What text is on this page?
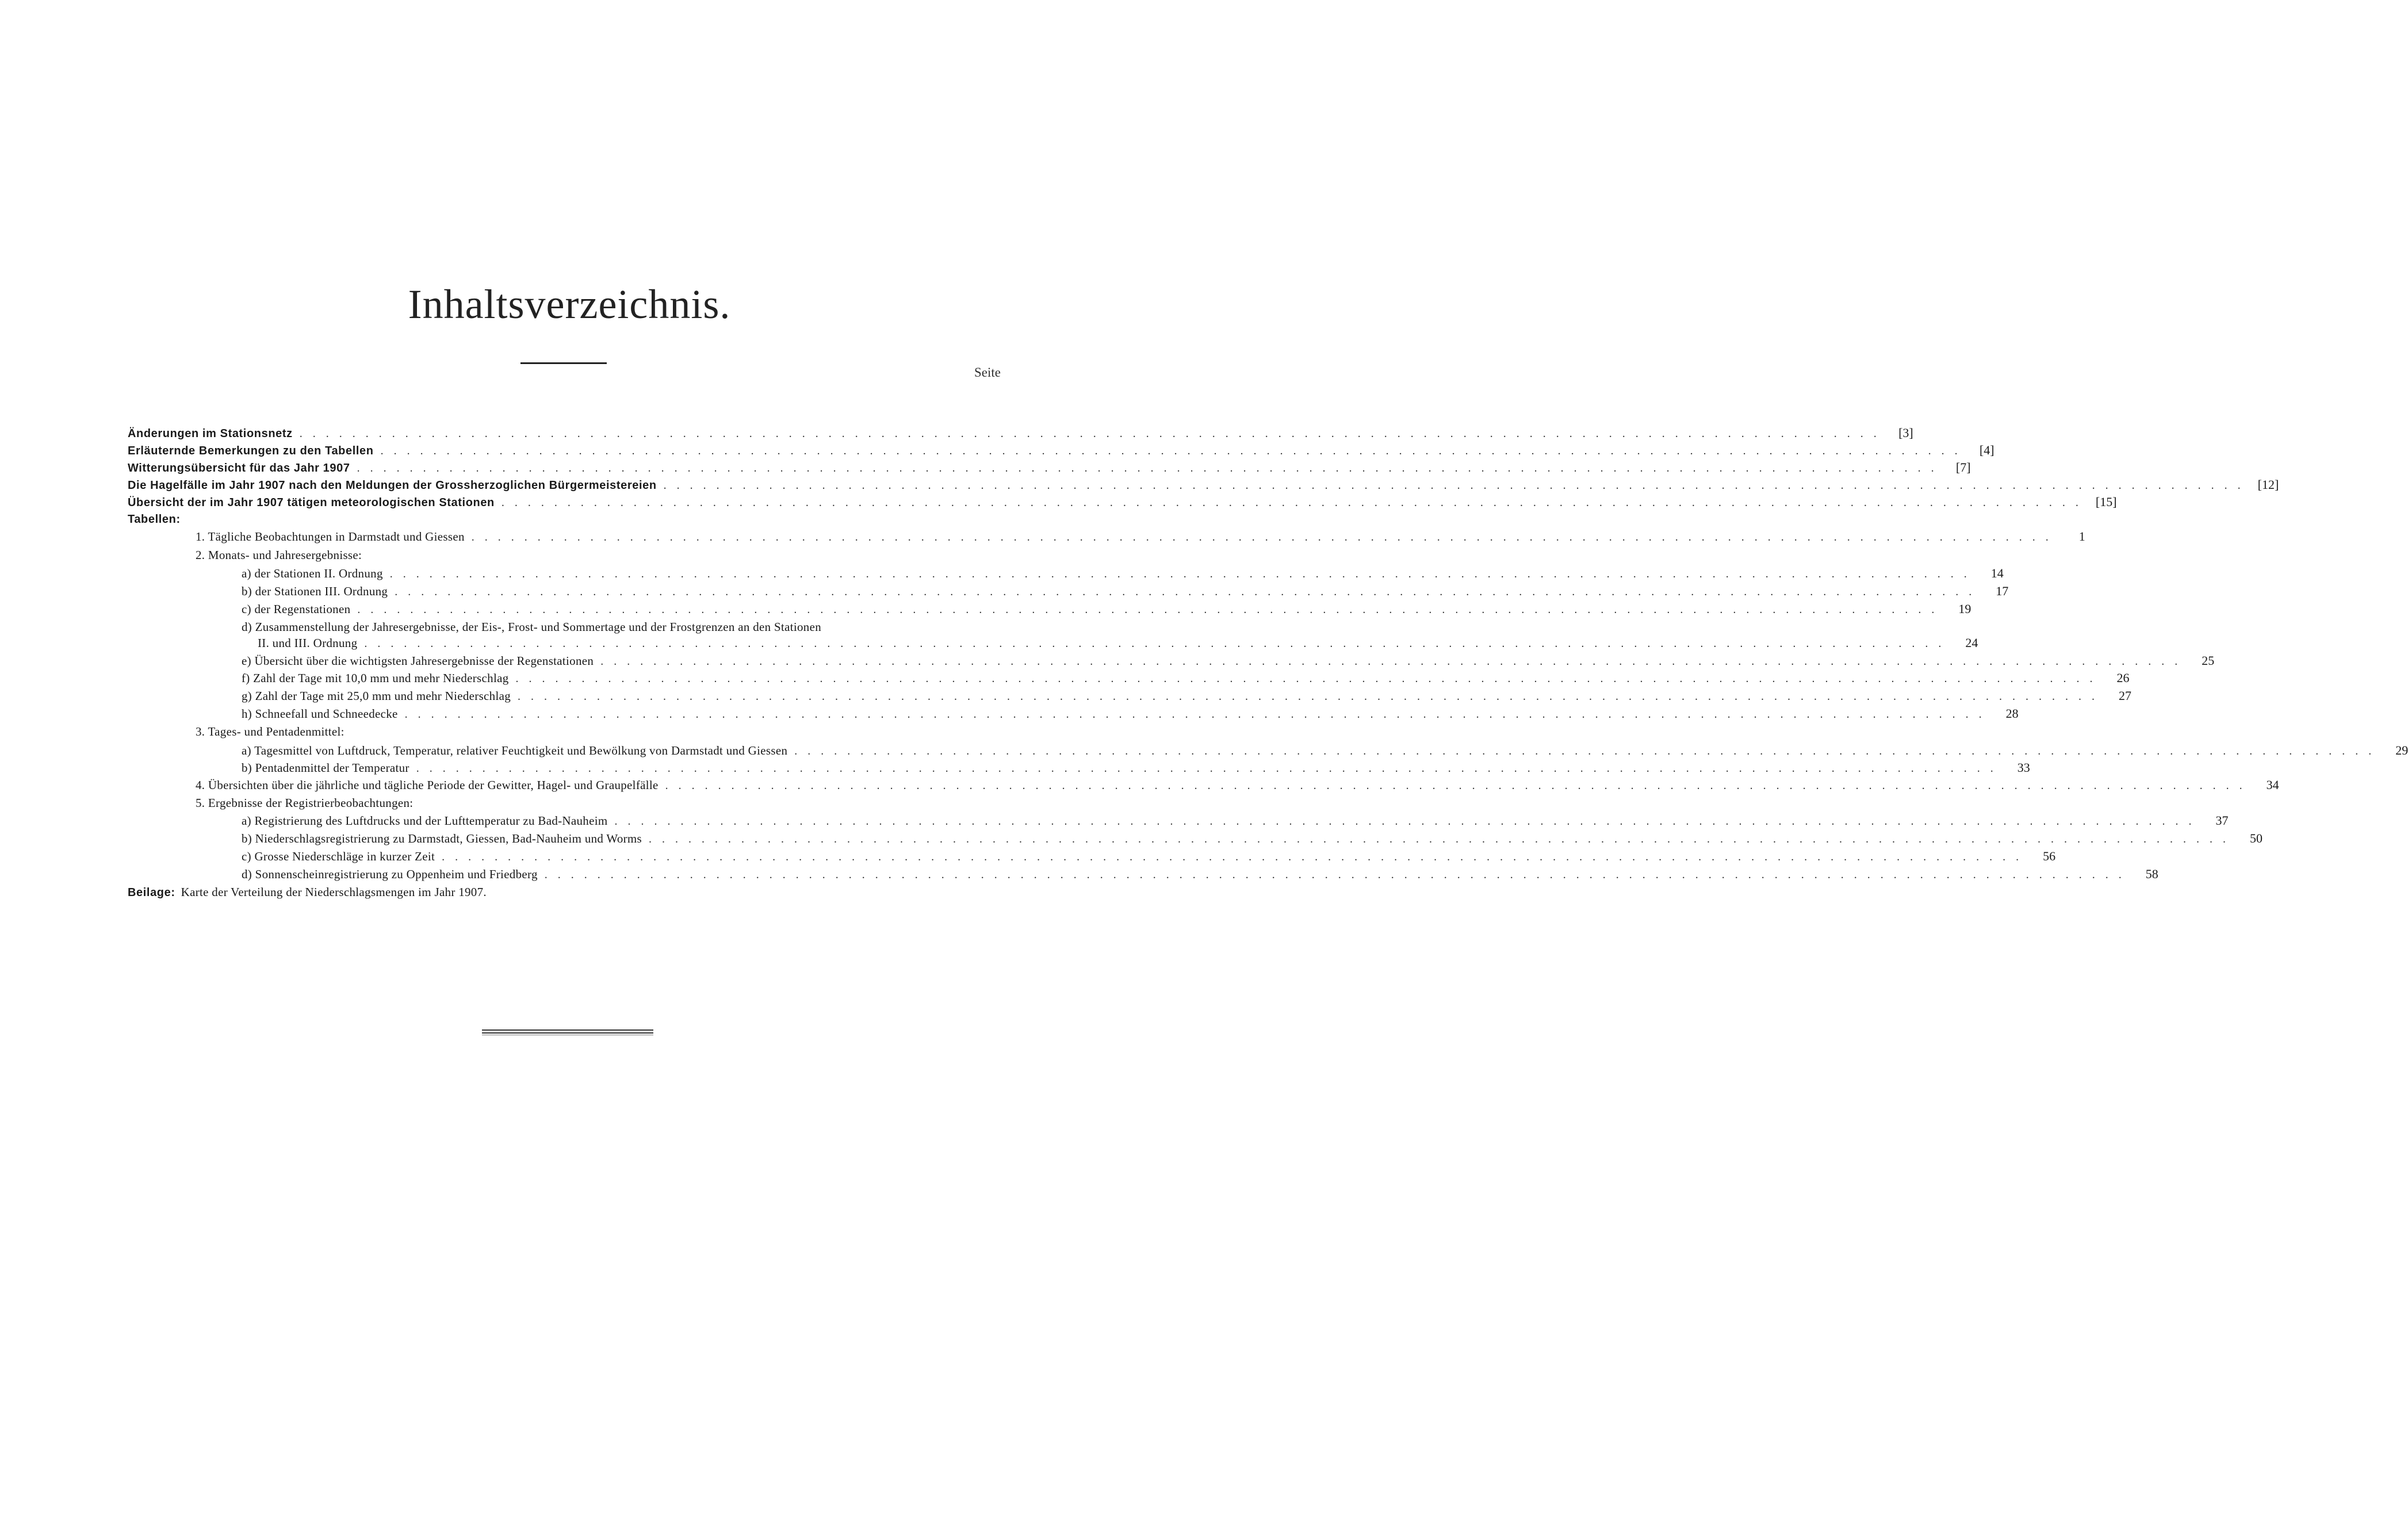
Inhaltsverzeichnis.
Seite
Änderungen im Stationsnetz ........................................................................................................................ [3]
Erläuternde Bemerkungen zu den Tabellen ........................................................................................................................ [4]
Witterungsübersicht für das Jahr 1907 ........................................................................................................................ [7]
Die Hagelfälle im Jahr 1907 nach den Meldungen der Grossherzoglichen Bürgermeistereien ........................................................................................................................ [12]
Übersicht der im Jahr 1907 tätigen meteorologischen Stationen ........................................................................................................................ [15]
Tabellen:
1. Tägliche Beobachtungen in Darmstadt und Giessen ........................................................................................................................	1
2. Monats- und Jahresergebnisse:
a) der Stationen II. Ordnung ........................................................................................................................	14
b) der Stationen III. Ordnung ........................................................................................................................	17
c) der Regenstationen ........................................................................................................................	19
d) Zusammenstellung der Jahresergebnisse, der Eis-, Frost- und Sommertage und der Frostgrenzen an den Stationen
II. und III. Ordnung ........................................................................................................................	24
e) Übersicht über die wichtigsten Jahresergebnisse der Regenstationen ........................................................................................................................	25
f) Zahl der Tage mit 10,0 mm und mehr Niederschlag ........................................................................................................................	26
g) Zahl der Tage mit 25,0 mm und mehr Niederschlag ........................................................................................................................	27
h) Schneefall und Schneedecke ........................................................................................................................	28
3. Tages- und Pentadenmittel:
a) Tagesmittel von Luftdruck, Temperatur, relativer Feuchtigkeit und Bewölkung von Darmstadt und Giessen ........................................................................................................................	29
b) Pentadenmittel der Temperatur ........................................................................................................................	33
4. Übersichten über die jährliche und tägliche Periode der Gewitter, Hagel- und Graupelfälle ........................................................................................................................	34
5. Ergebnisse der Registrierbeobachtungen:
a) Registrierung des Luftdrucks und der Lufttemperatur zu Bad-Nauheim ........................................................................................................................	37
b) Niederschlagsregistrierung zu Darmstadt, Giessen, Bad-Nauheim und Worms ........................................................................................................................	50
c) Grosse Niederschläge in kurzer Zeit ........................................................................................................................	56
d) Sonnenscheinregistrierung zu Oppenheim und Friedberg ........................................................................................................................	58
Beilage: Karte der Verteilung der Niederschlagsmengen im Jahr 1907.
